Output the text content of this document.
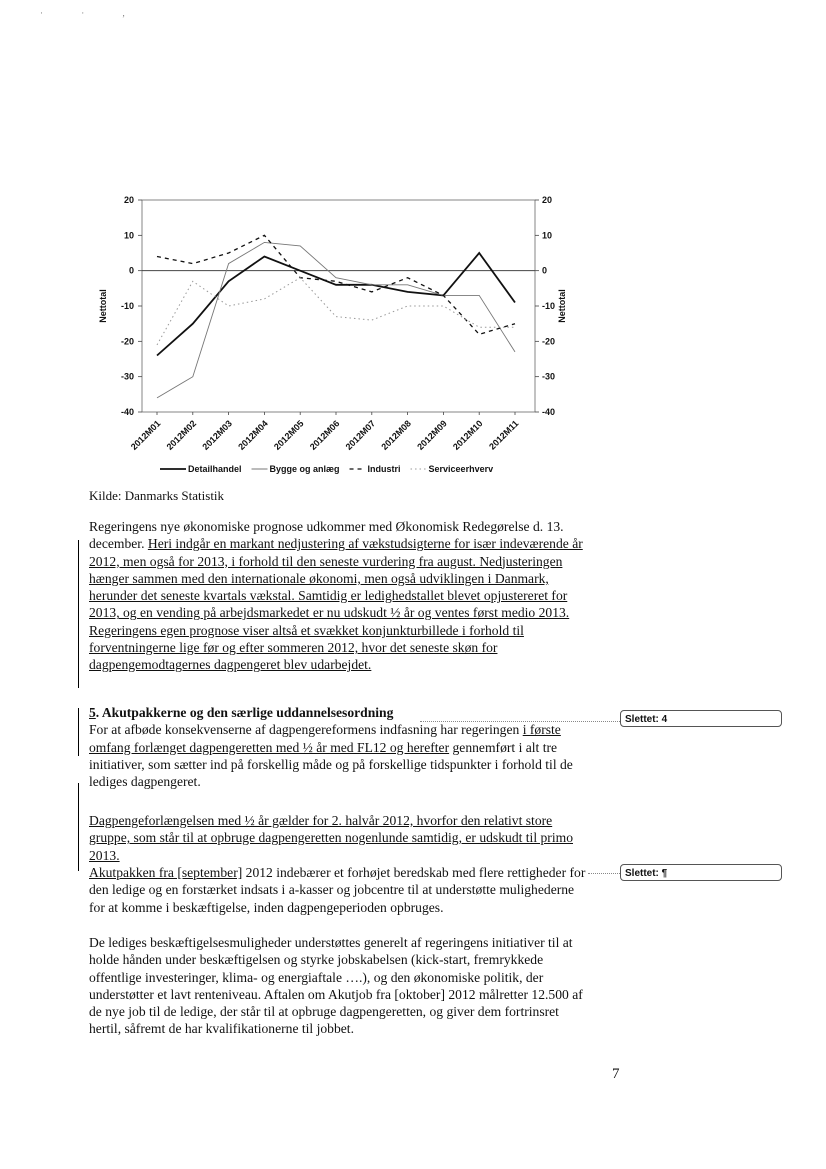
· · ,
20	20
10	10
0	0
-10	-10
-20	-20
-30	-30
-40	-40
Nettotal	Nettotal
2012M01 2012M02 2012M03 2012M04 2012M05 2012M06 2012M07 2012M08 2012M09 2012M10 2012M11
Detailhandel	Bygge og anlæg	Industri	Serviceerhverv
Kilde: Danmarks Statistik

Regeringens nye økonomiske prognose udkommer med Økonomisk Redegørelse d. 13. december. Heri indgår en markant nedjustering af vækstudsigterne for især indeværende år 2012, men også for 2013, i forhold til den seneste vurdering fra august. Nedjusteringen hænger sammen med den internationale økonomi, men også udviklingen i Danmark, herunder det seneste kvartals vækstal. Samtidig er ledighedstallet blevet opjustereret for 2013, og en vending på arbejdsmarkedet er nu udskudt ½ år og ventes først medio 2013. Regeringens egen prognose viser altså et svækket konjunkturbillede i forhold til forventningerne lige før og efter sommeren 2012, hvor det seneste skøn for dagpengemodtagernes dagpengeret blev udarbejdet.

5. Akutpakkerne og den særlige uddannelsesordning
For at afbøde konsekvenserne af dagpengereformens indfasning har regeringen i første omfang forlænget dagpengeretten med ½ år med FL12 og herefter gennemført i alt tre initiativer, som sætter ind på forskellig måde og på forskellige tidspunkter i forhold til de lediges dagpengeret.

Slettet: 4

Dagpengeforlængelsen med ½ år gælder for 2. halvår 2012, hvorfor den relativt store gruppe, som står til at opbruge dagpengeretten nogenlunde samtidig, er udskudt til primo 2013.

Akutpakken fra [september] 2012 indebærer et forhøjet beredskab med flere rettigheder for den ledige og en forstærket indsats i a-kasser og jobcentre til at understøtte mulighederne for at komme i beskæftigelse, inden dagpengeperioden opbruges.

Slettet: ¶

De lediges beskæftigelsesmuligheder understøttes generelt af regeringens initiativer til at holde hånden under beskæftigelsen og styrke jobskabelsen (kick-start, fremrykkede offentlige investeringer, klima- og energiaftale ….), og den økonomiske politik, der understøtter et lavt renteniveau. Aftalen om Akutjob fra [oktober] 2012 målretter 12.500 af de nye job til de ledige, der står til at opbruge dagpengeretten, og giver dem fortrinsret hertil, såfremt de har kvalifikationerne til jobbet.

7
